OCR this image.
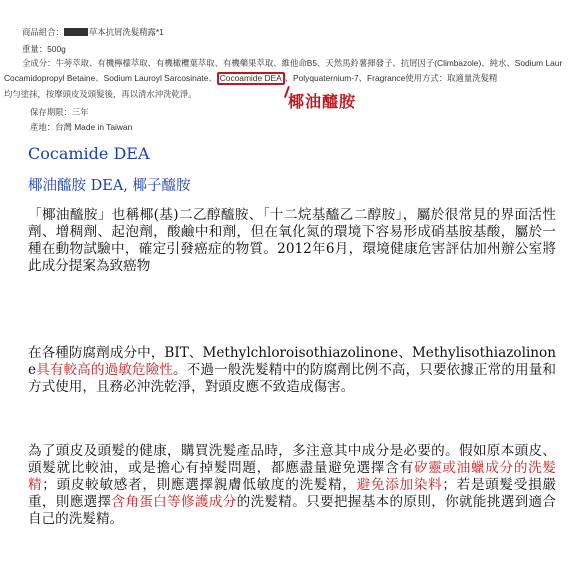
商品組合：	草本抗屑洗髮精露*1
重量：500g
全成分：牛蒡萃取、有機檸檬萃取、有機橄欖葉萃取、有機藥果萃取、維他命B5、天然馬鈴薯揮發子、抗屑因子(Climbazole)、純水、Sodium Laur
Cocamidopropyl Betaine、Sodium Lauroyl Sarcosinate、 Cocoamide DEA 、Polyquaternium-7、Fragrance使用方式：取適量洗髮精
均勻塗抹，按摩頭皮及頭髮後，再以清水沖洗乾淨。	椰油醯胺
保存期限：三年
產地：台灣 Made in Taiwan
Cocamide DEA
椰油醯胺 DEA, 椰子醯胺

「椰油醯胺」也稱椰(基)二乙醇醯胺、「十二烷基醯乙二醇胺」，屬於很常見的界面活性劑、增稠劑、起泡劑，酸鹼中和劑，但在氧化氮的環境下容易形成硝基胺基酸，屬於一種在動物試驗中，確定引發癌症的物質。2012年6月，環境健康危害評估加州辦公室將此成分提案為致癌物

在各種防腐劑成分中，BIT、Methylchloroisothiazolinone、Methylisothiazolinone具有較高的過敏危險性。不過一般洗髮精中的防腐劑比例不高，只要依據正常的用量和方式使用，且務必沖洗乾淨，對頭皮應不致造成傷害。

為了頭皮及頭髮的健康，購買洗髮產品時，多注意其中成分是必要的。假如原本頭皮、頭髮就比較油，或是擔心有掉髮問題，都應盡量避免選擇含有矽靈或油蠟成分的洗髮精；頭皮較敏感者，則應選擇親膚低敏度的洗髮精，避免添加染料；若是頭髮受損嚴重，則應選擇含角蛋白等修護成分的洗髮精。只要把握基本的原則，你就能挑選到適合自己的洗髮精。
